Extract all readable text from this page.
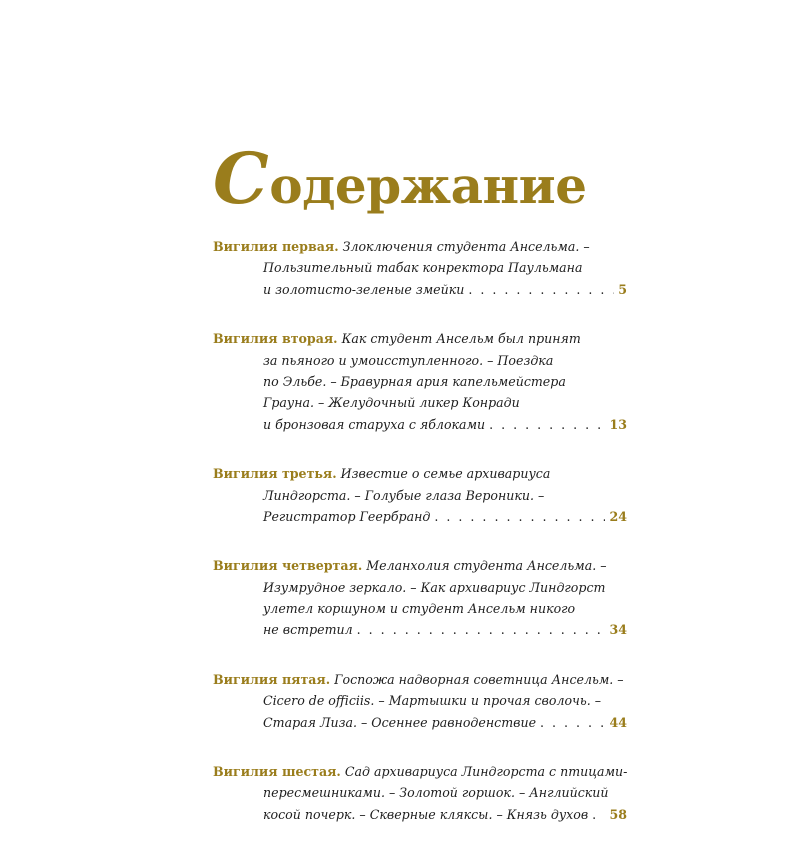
Содержание
Вигилия первая. Злоключения студента Ансельма. –
Пользительный табак конректора Паульмана
и золотисто-зеленые змейки . . .	5
Вигилия вторая. Как студент Ансельм был принят
за пьяного и умоисступленного. – Поездка
по Эльбе. – Бравурная ария капельмейстера
Грауна. – Желудочный ликер Конради
и бронзовая старуха с яблоками . . .	13
Вигилия третья. Известие о семье архивариуса
Линдгорста. – Голубые глаза Вероники. –
Регистратор Геербранд . . .	24
Вигилия четвертая. Меланхолия студента Ансельма. –
Изумрудное зеркало. – Как архивариус Линдгорст
улетел коршуном и студент Ансельм никого
не встретил . . .	34
Вигилия пятая. Госпожа надворная советница Ансельм. –
Cicero de officiis. – Мартышки и прочая сволочь. –
Старая Лиза. – Осеннее равноденствие . . .	44
Вигилия шестая. Сад архивариуса Линдгорста с птицами-
пересмешниками. – Золотой горшок. – Английский
косой почерк. – Скверные кляксы. – Князь духов . . . 58
